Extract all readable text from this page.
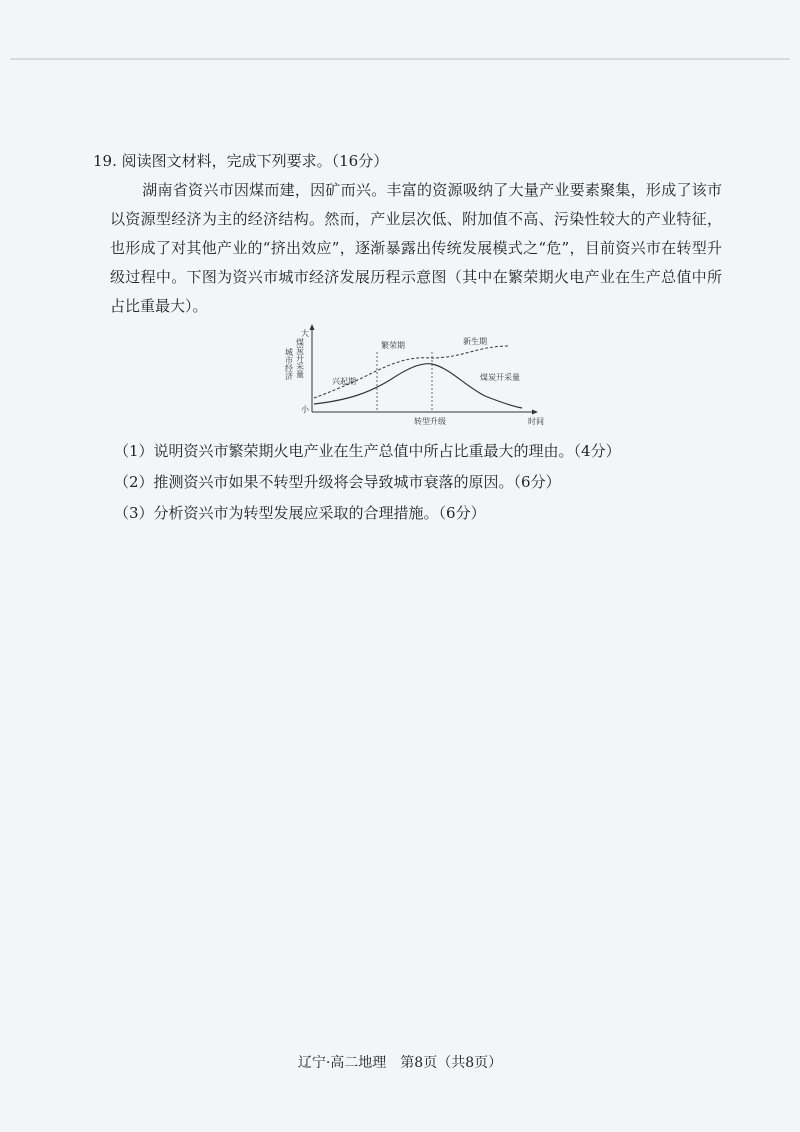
19. 阅读图文材料，完成下列要求。（16分）
湖南省资兴市因煤而建，因矿而兴。丰富的资源吸纳了大量产业要素聚集，形成了该市以资源型经济为主的经济结构。然而，产业层次低、附加值不高、污染性较大的产业特征，也形成了对其他产业的“挤出效应”，逐渐暴露出传统发展模式之“危”，目前资兴市在转型升级过程中。下图为资兴市城市经济发展历程示意图（其中在繁荣期火电产业在生产总值中所占比重最大）。
城市经济 煤炭开采量
大
小
兴起期
繁荣期	新生期
煤炭开采量
转型升级	时间
（1）说明资兴市繁荣期火电产业在生产总值中所占比重最大的理由。（4分）
（2）推测资兴市如果不转型升级将会导致城市衰落的原因。（6分）
（3）分析资兴市为转型发展应采取的合理措施。（6分）
辽宁·高二地理　第8页（共8页）
